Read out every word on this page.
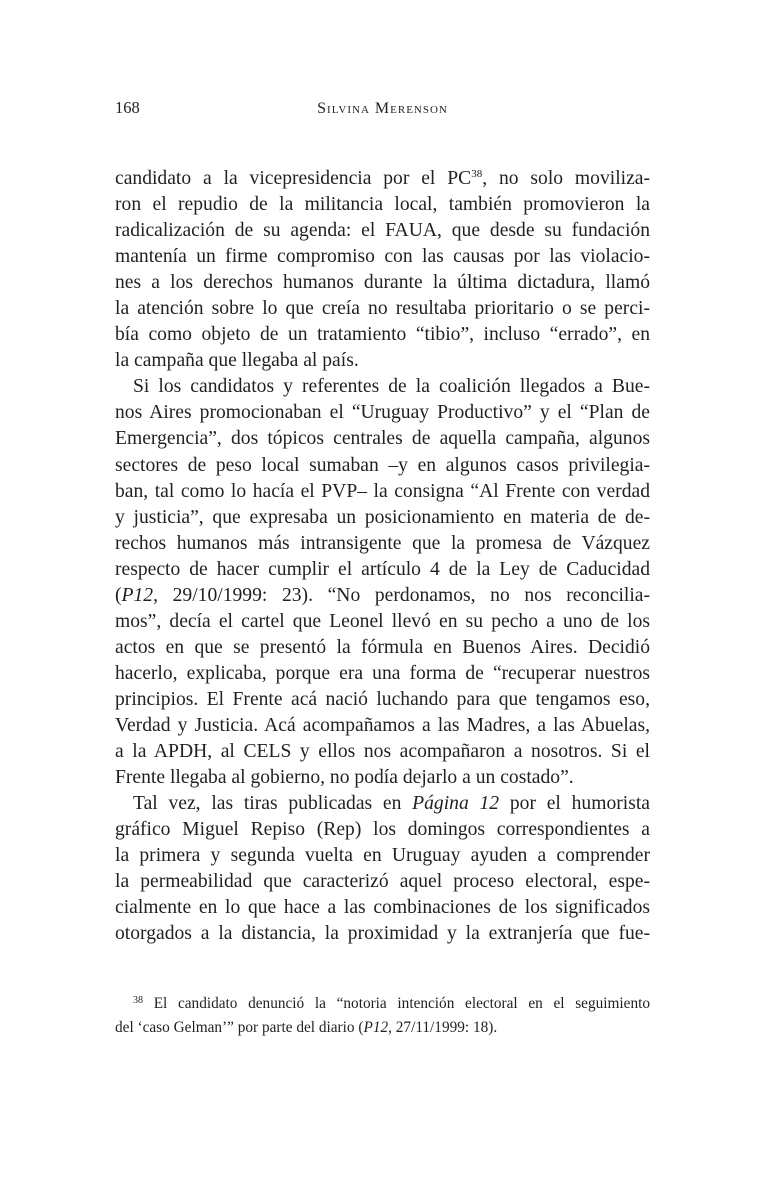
168	Silvina Merenson
candidato a la vicepresidencia por el PC$^{38}$, no solo moviliza-
ron el repudio de la militancia local, también promovieron la
radicalización de su agenda: el FAUA, que desde su fundación
mantenía un firme compromiso con las causas por las violacio-
nes a los derechos humanos durante la última dictadura, llamó
la atención sobre lo que creía no resultaba prioritario o se perci-
bía como objeto de un tratamiento “tibio”, incluso “errado”, en
la campaña que llegaba al país.
Si los candidatos y referentes de la coalición llegados a Bue-
nos Aires promocionaban el “Uruguay Productivo” y el “Plan de
Emergencia”, dos tópicos centrales de aquella campaña, algunos
sectores de peso local sumaban –y en algunos casos privilegia-
ban, tal como lo hacía el PVP– la consigna “Al Frente con verdad
y justicia”, que expresaba un posicionamiento en materia de de-
rechos humanos más intransigente que la promesa de Vázquez
respecto de hacer cumplir el artículo 4 de la Ley de Caducidad
(P12, 29/10/1999: 23). “No perdonamos, no nos reconcilia-
mos”, decía el cartel que Leonel llevó en su pecho a uno de los
actos en que se presentó la fórmula en Buenos Aires. Decidió
hacerlo, explicaba, porque era una forma de “recuperar nuestros
principios. El Frente acá nació luchando para que tengamos eso,
Verdad y Justicia. Acá acompañamos a las Madres, a las Abuelas,
a la APDH, al CELS y ellos nos acompañaron a nosotros. Si el
Frente llegaba al gobierno, no podía dejarlo a un costado”.
Tal vez, las tiras publicadas en Página 12 por el humorista
gráfico Miguel Repiso (Rep) los domingos correspondientes a
la primera y segunda vuelta en Uruguay ayuden a comprender
la permeabilidad que caracterizó aquel proceso electoral, espe-
cialmente en lo que hace a las combinaciones de los significados
otorgados a la distancia, la proximidad y la extranjería que fue-
$^{38}$ El candidato denunció la “notoria intención electoral en el seguimiento
del ‘caso Gelman’” por parte del diario (P12, 27/11/1999: 18).
